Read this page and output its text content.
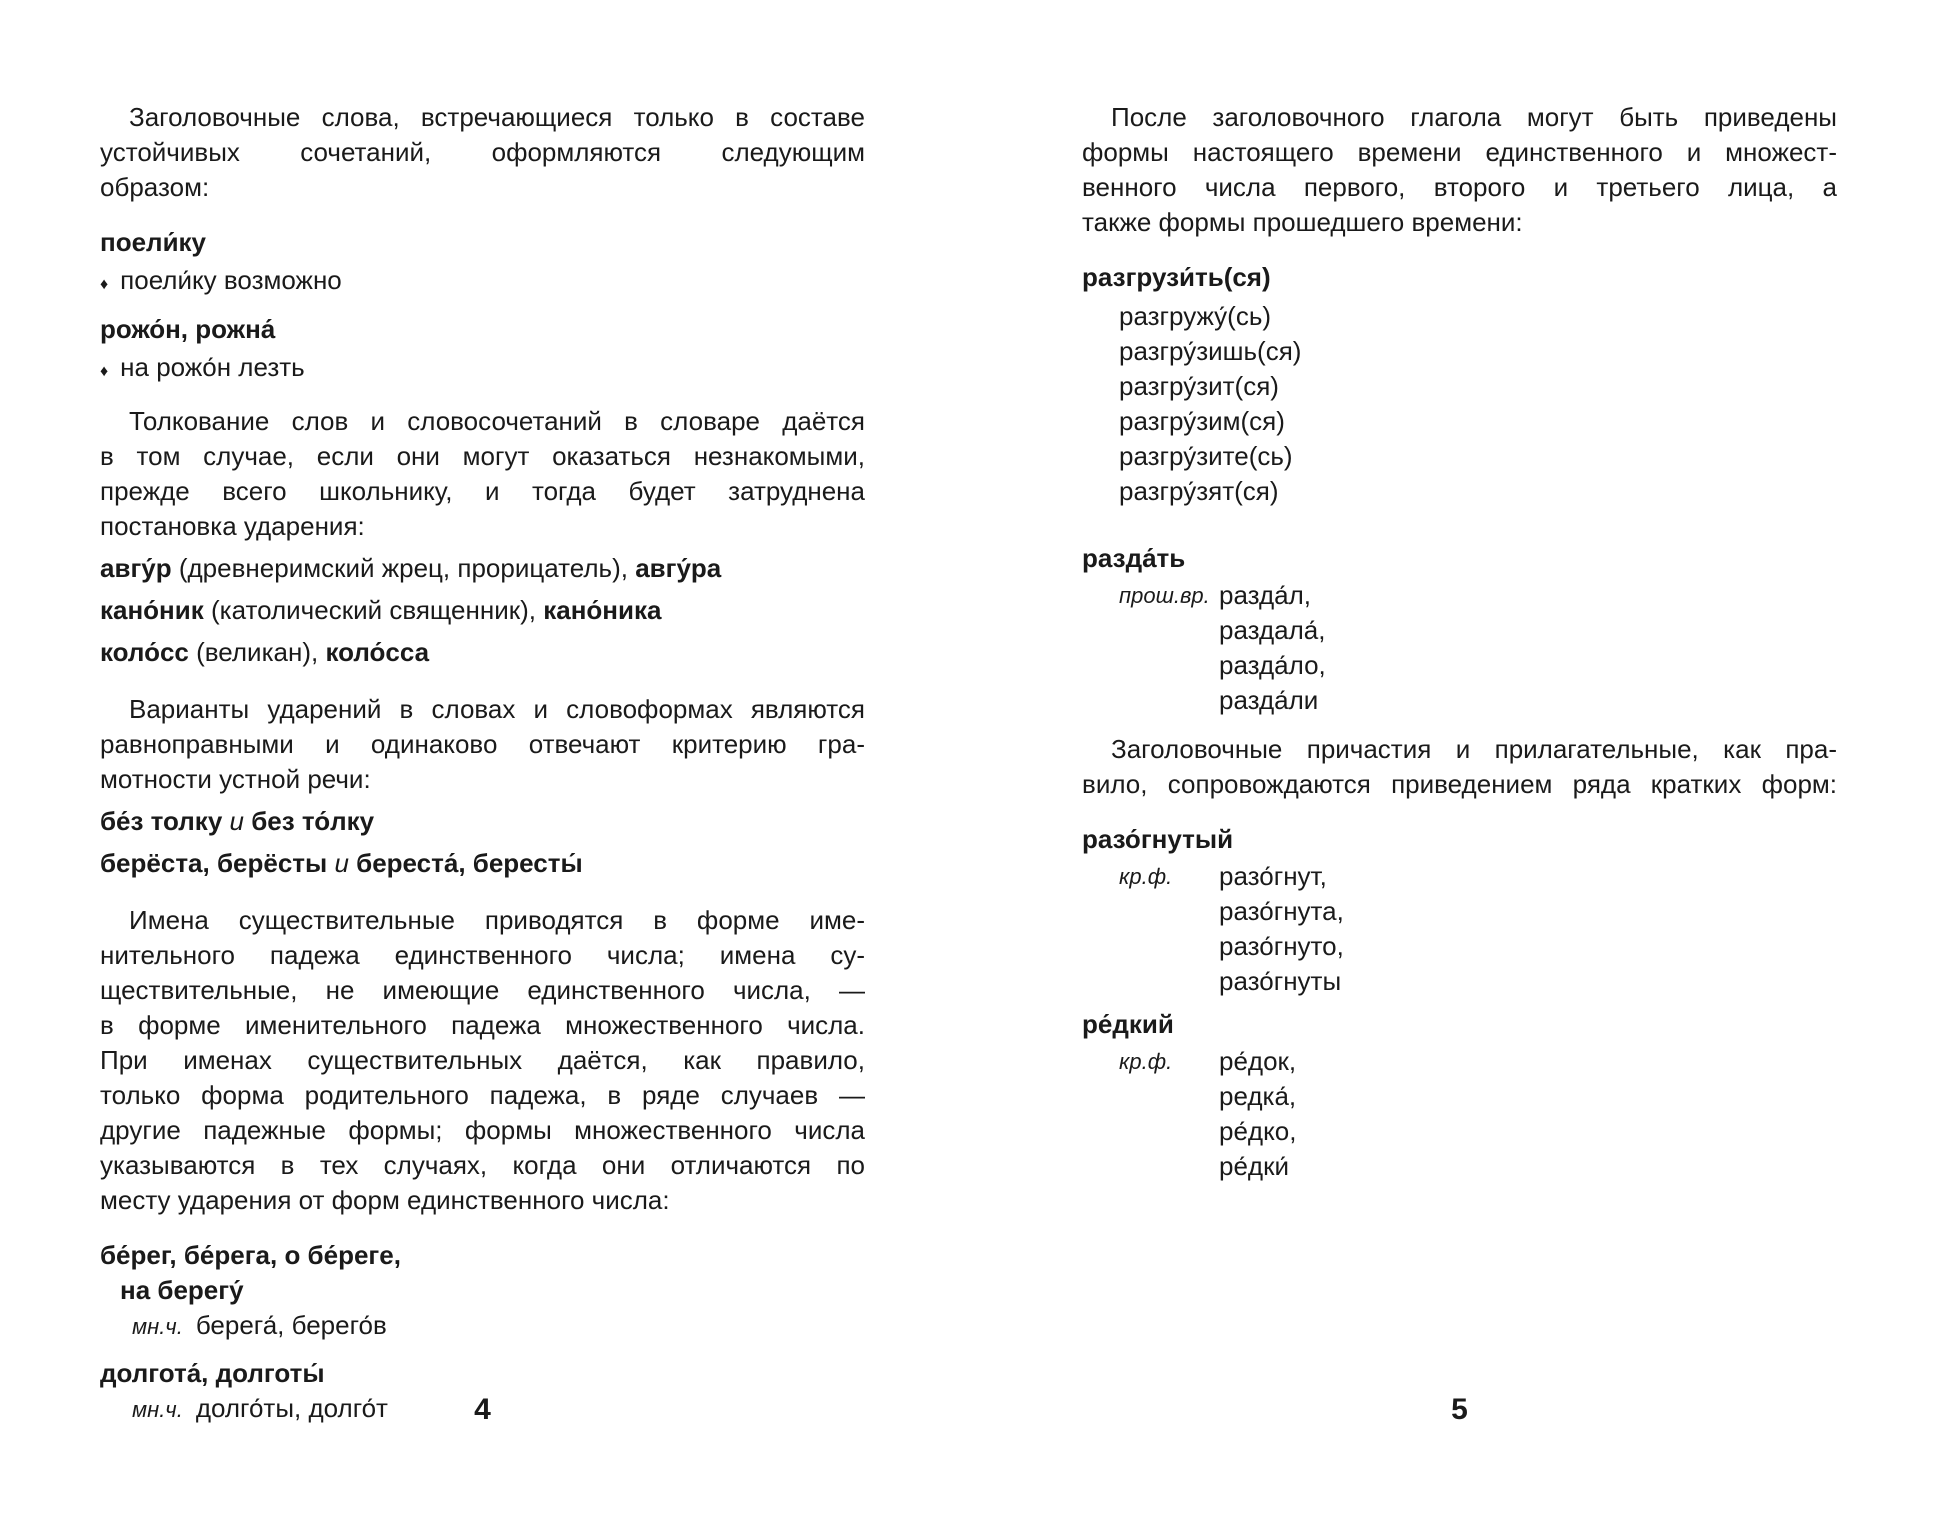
Заголовочные слова, встречающиеся только в составе
устойчивых сочетаний, оформляются следующим
образом:
поели́ку
♦ поели́ку возможно
рожо́н, рожна́
♦ на рожо́н лезть
Толкование слов и словосочетаний в словаре даётся
в том случае, если они могут оказаться незнакомыми,
прежде всего школьнику, и тогда будет затруднена
постановка ударения:
авгу́р (древнеримский жрец, прорицатель), авгу́ра
кано́ник (католический священник), кано́ника
коло́сс (великан), коло́сса
Варианты ударений в словах и словоформах являются
равноправными и одинаково отвечают критерию гра-
мотности устной речи:
бе́з толку и без то́лку
берёста, берёсты и береста́, бересты́
Имена существительные приводятся в форме име-
нительного падежа единственного числа; имена су-
ществительные, не имеющие единственного числа, —
в форме именительного падежа множественного числа.
При именах существительных даётся, как правило,
только форма родительного падежа, в ряде случаев —
другие падежные формы; формы множественного числа
указываются в тех случаях, когда они отличаются по
месту ударения от форм единственного числа:
бе́рег, бе́рега, о бе́реге,
на берегу́
мн.ч. берега́, берего́в
долгота́, долготы́
мн.ч. долго́ты, долго́т
После заголовочного глагола могут быть приведены
формы настоящего времени единственного и множест-
венного числа первого, второго и третьего лица, а
также формы прошедшего времени:
разгрузи́ть(ся)
разгружу́(сь)
разгру́зишь(ся)
разгру́зит(ся)
разгру́зим(ся)
разгру́зите(сь)
разгру́зят(ся)
разда́ть
прош.вр. разда́л,
раздала́,
разда́ло,
разда́ли
Заголовочные причастия и прилагательные, как пра-
вило, сопровождаются приведением ряда кратких форм:
разо́гнутый
кр.ф.	разо́гнут,
разо́гнута,
разо́гнуто,
разо́гнуты
ре́дкий
кр.ф.	ре́док,
редка́,
ре́дко,
ре́дки́
4	5
